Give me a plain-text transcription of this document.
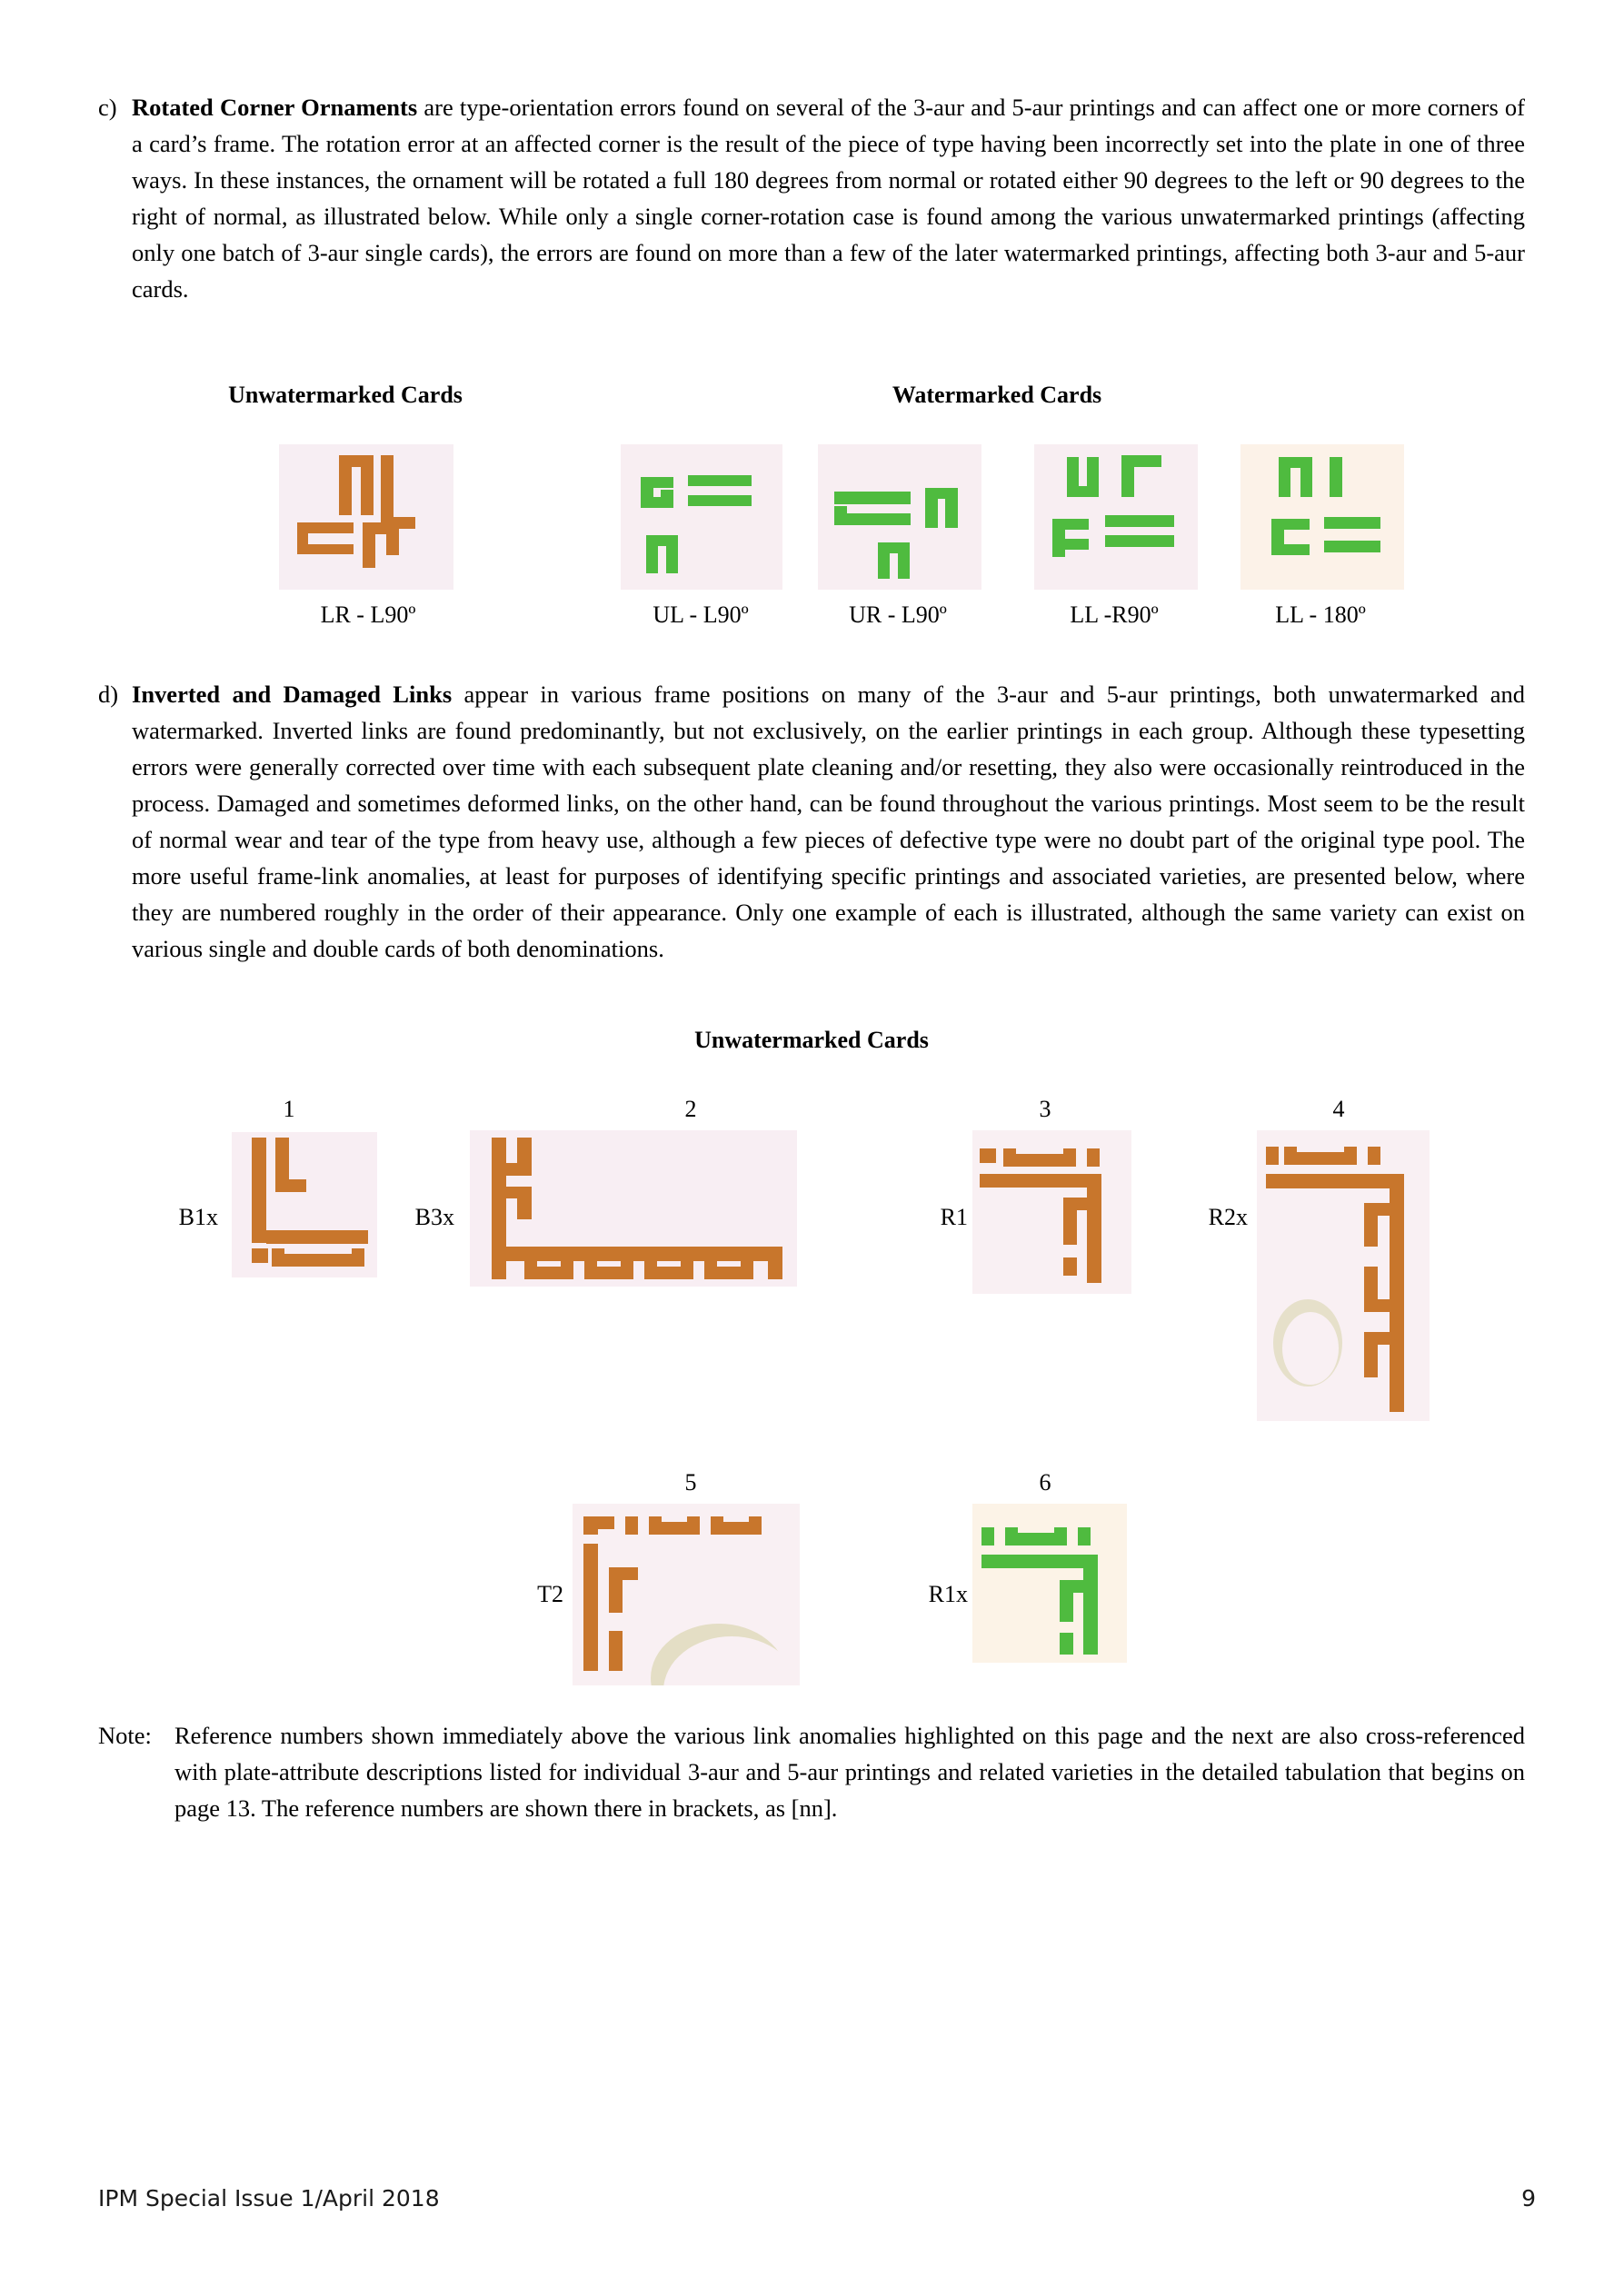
c) Rotated Corner Ornaments are type-orientation errors found on several of the 3-aur and 5-aur printings and can affect one or more corners of a card’s frame. The rotation error at an affected corner is the result of the piece of type having been incorrectly set into the plate in one of three ways. In these instances, the ornament will be rotated a full 180 degrees from normal or rotated either 90 degrees to the left or 90 degrees to the right of normal, as illustrated below. While only a single corner-rotation case is found among the various unwatermarked printings (affecting only one batch of 3-aur single cards), the errors are found on more than a few of the later watermarked printings, affecting both 3-aur and 5-aur cards.
Unwatermarked Cards	Watermarked Cards
LR - L90º	UL - L90º	UR - L90º	LL -R90º	LL - 180º
d) Inverted and Damaged Links appear in various frame positions on many of the 3-aur and 5-aur printings, both unwatermarked and watermarked. Inverted links are found predominantly, but not exclusively, on the earlier printings in each group. Although these typesetting errors were generally corrected over time with each subsequent plate cleaning and/or resetting, they also were occasionally reintroduced in the process. Damaged and sometimes deformed links, on the other hand, can be found throughout the various printings. Most seem to be the result of normal wear and tear of the type from heavy use, although a few pieces of defective type were no doubt part of the original type pool. The more useful frame-link anomalies, at least for purposes of identifying specific printings and associated varieties, are presented below, where they are numbered roughly in the order of their appearance. Only one example of each is illustrated, although the same variety can exist on various single and double cards of both denominations.
Unwatermarked Cards
1	2	3	4
B1x	B3x	R1	R2x
5	6
T2	R1x
Note: Reference numbers shown immediately above the various link anomalies highlighted on this page and the next are also cross-referenced with plate-attribute descriptions listed for individual 3-aur and 5-aur printings and related varieties in the detailed tabulation that begins on page 13. The reference numbers are shown there in brackets, as [nn].
IPM Special Issue 1/April 2018	9
